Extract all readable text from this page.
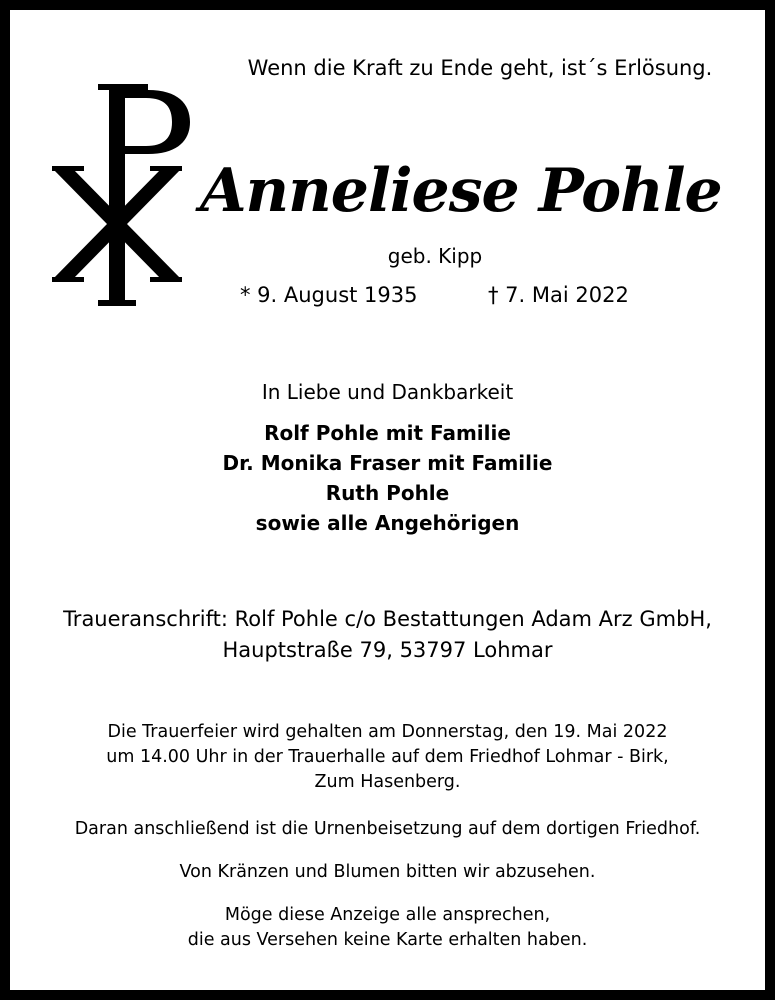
Wenn die Kraft zu Ende geht, ist´s Erlösung.
Anneliese Pohle
geb. Kipp
* 9. August 1935	† 7. Mai 2022
In Liebe und Dankbarkeit
Rolf Pohle mit Familie
Dr. Monika Fraser mit Familie
Ruth Pohle
sowie alle Angehörigen
Traueranschrift: Rolf Pohle c/o Bestattungen Adam Arz GmbH,
Hauptstraße 79, 53797 Lohmar
Die Trauerfeier wird gehalten am Donnerstag, den 19. Mai 2022
um 14.00 Uhr in der Trauerhalle auf dem Friedhof Lohmar - Birk,
Zum Hasenberg.
Daran anschließend ist die Urnenbeisetzung auf dem dortigen Friedhof.
Von Kränzen und Blumen bitten wir abzusehen.
Möge diese Anzeige alle ansprechen,
die aus Versehen keine Karte erhalten haben.
